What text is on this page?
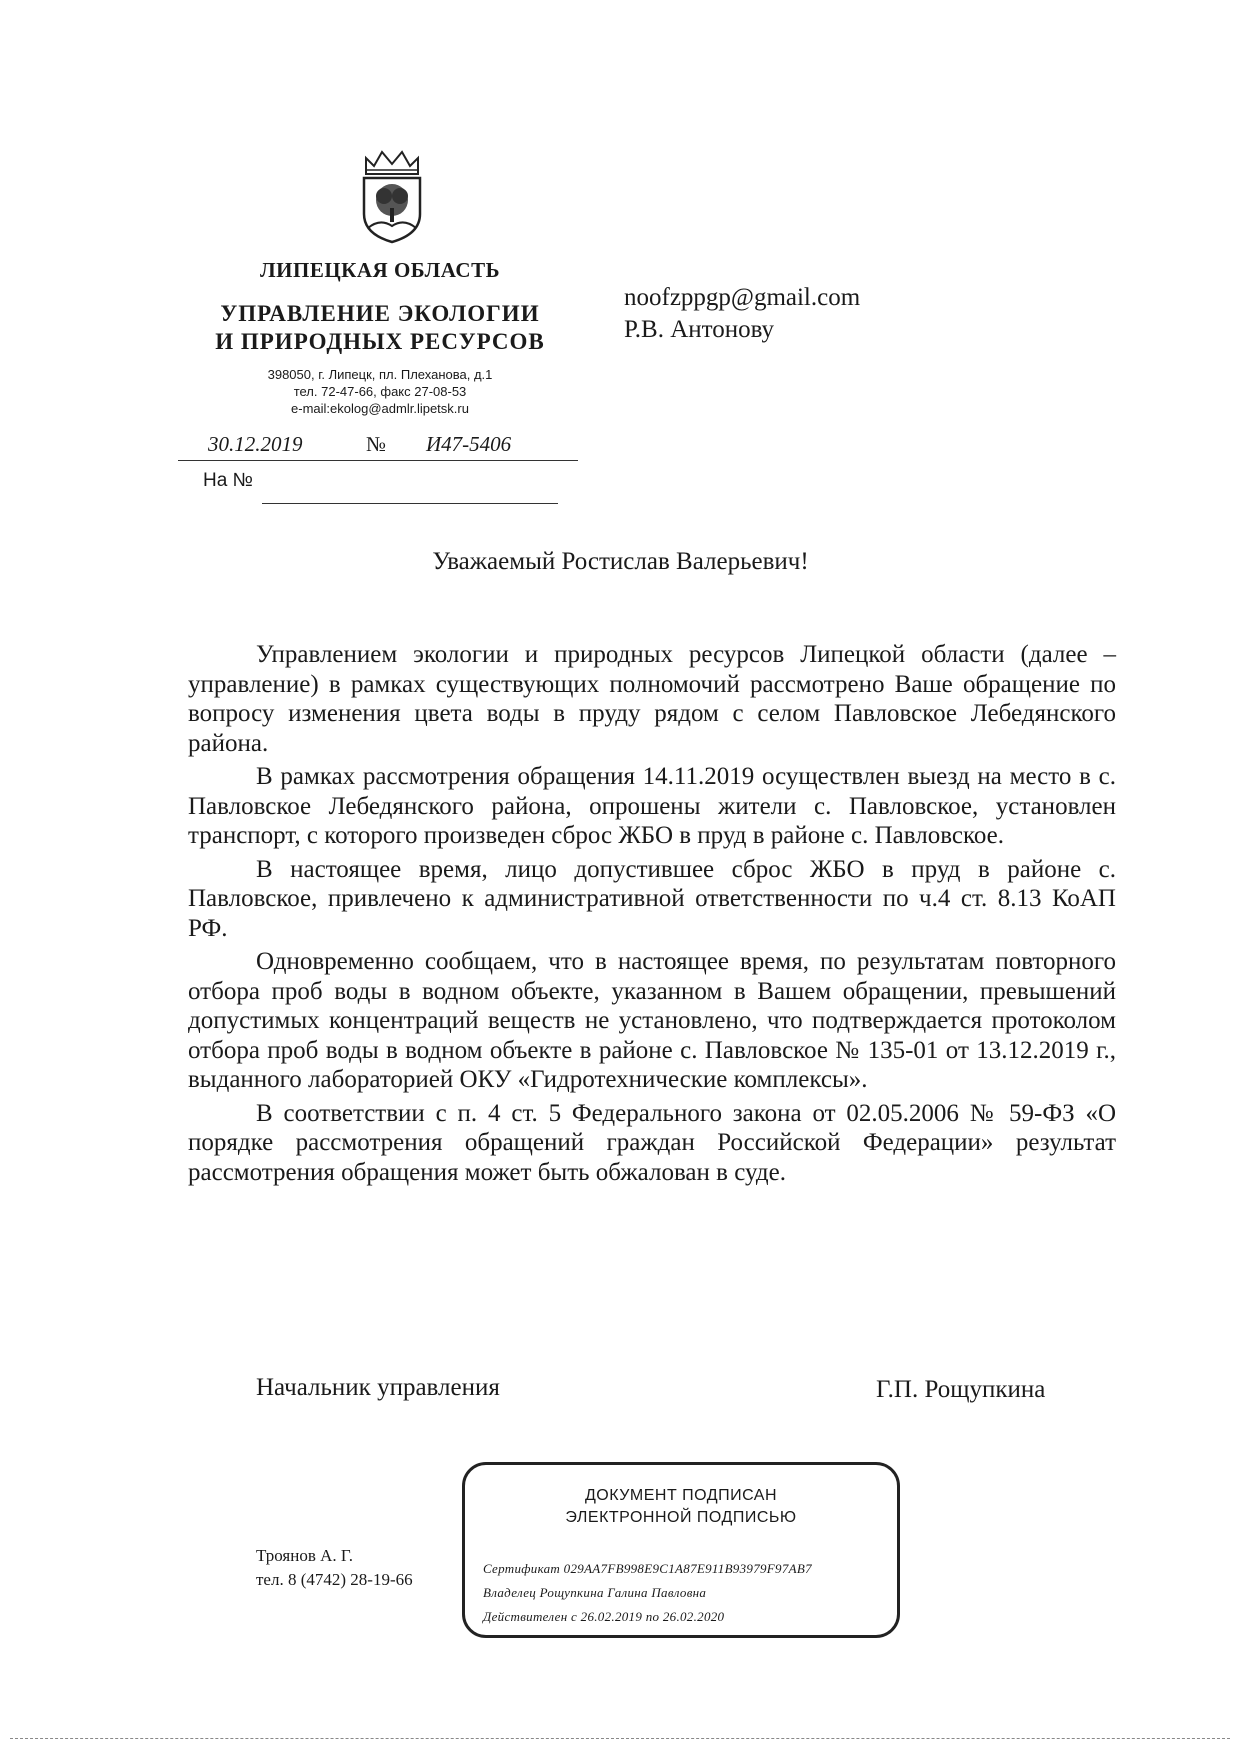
ЛИПЕЦКАЯ ОБЛАСТЬ
УПРАВЛЕНИЕ ЭКОЛОГИИ
И ПРИРОДНЫХ РЕСУРСОВ
398050, г. Липецк, пл. Плеханова, д.1
тел. 72-47-66, факс 27-08-53
e-mail:ekolog@admlr.lipetsk.ru
30.12.2019	№ И47-5406
На №
noofzppgp@gmail.com
Р.В. Антонову
Уважаемый Ростислав Валерьевич!

Управлением экологии и природных ресурсов Липецкой области (далее – управление) в рамках существующих полномочий рассмотрено Ваше обращение по вопросу изменения цвета воды в пруду рядом с селом Павловское Лебедянского района.

В рамках рассмотрения обращения 14.11.2019 осуществлен выезд на место в с. Павловское Лебедянского района, опрошены жители с. Павловское, установлен транспорт, с которого произведен сброс ЖБО в пруд в районе с. Павловское.

В настоящее время, лицо допустившее сброс ЖБО в пруд в районе с. Павловское, привлечено к административной ответственности по ч.4 ст. 8.13 КоАП РФ.

Одновременно сообщаем, что в настоящее время, по результатам повторного отбора проб воды в водном объекте, указанном в Вашем обращении, превышений допустимых концентраций веществ не установлено, что подтверждается протоколом отбора проб воды в водном объекте в районе с. Павловское № 135-01 от 13.12.2019 г., выданного лабораторией ОКУ «Гидротехнические комплексы».

В соответствии с п. 4 ст. 5 Федерального закона от 02.05.2006 № 59-ФЗ «О порядке рассмотрения обращений граждан Российской Федерации» результат рассмотрения обращения может быть обжалован в суде.

Начальник управления	Г.П. Рощупкина
Троянов А. Г.
тел. 8 (4742) 28-19-66
ДОКУМЕНТ ПОДПИСАН
ЭЛЕКТРОННОЙ ПОДПИСЬЮ
Сертификат 029AA7FB998E9C1A87E911B93979F97AB7
Владелец Рощупкина Галина Павловна
Действителен с 26.02.2019 по 26.02.2020
